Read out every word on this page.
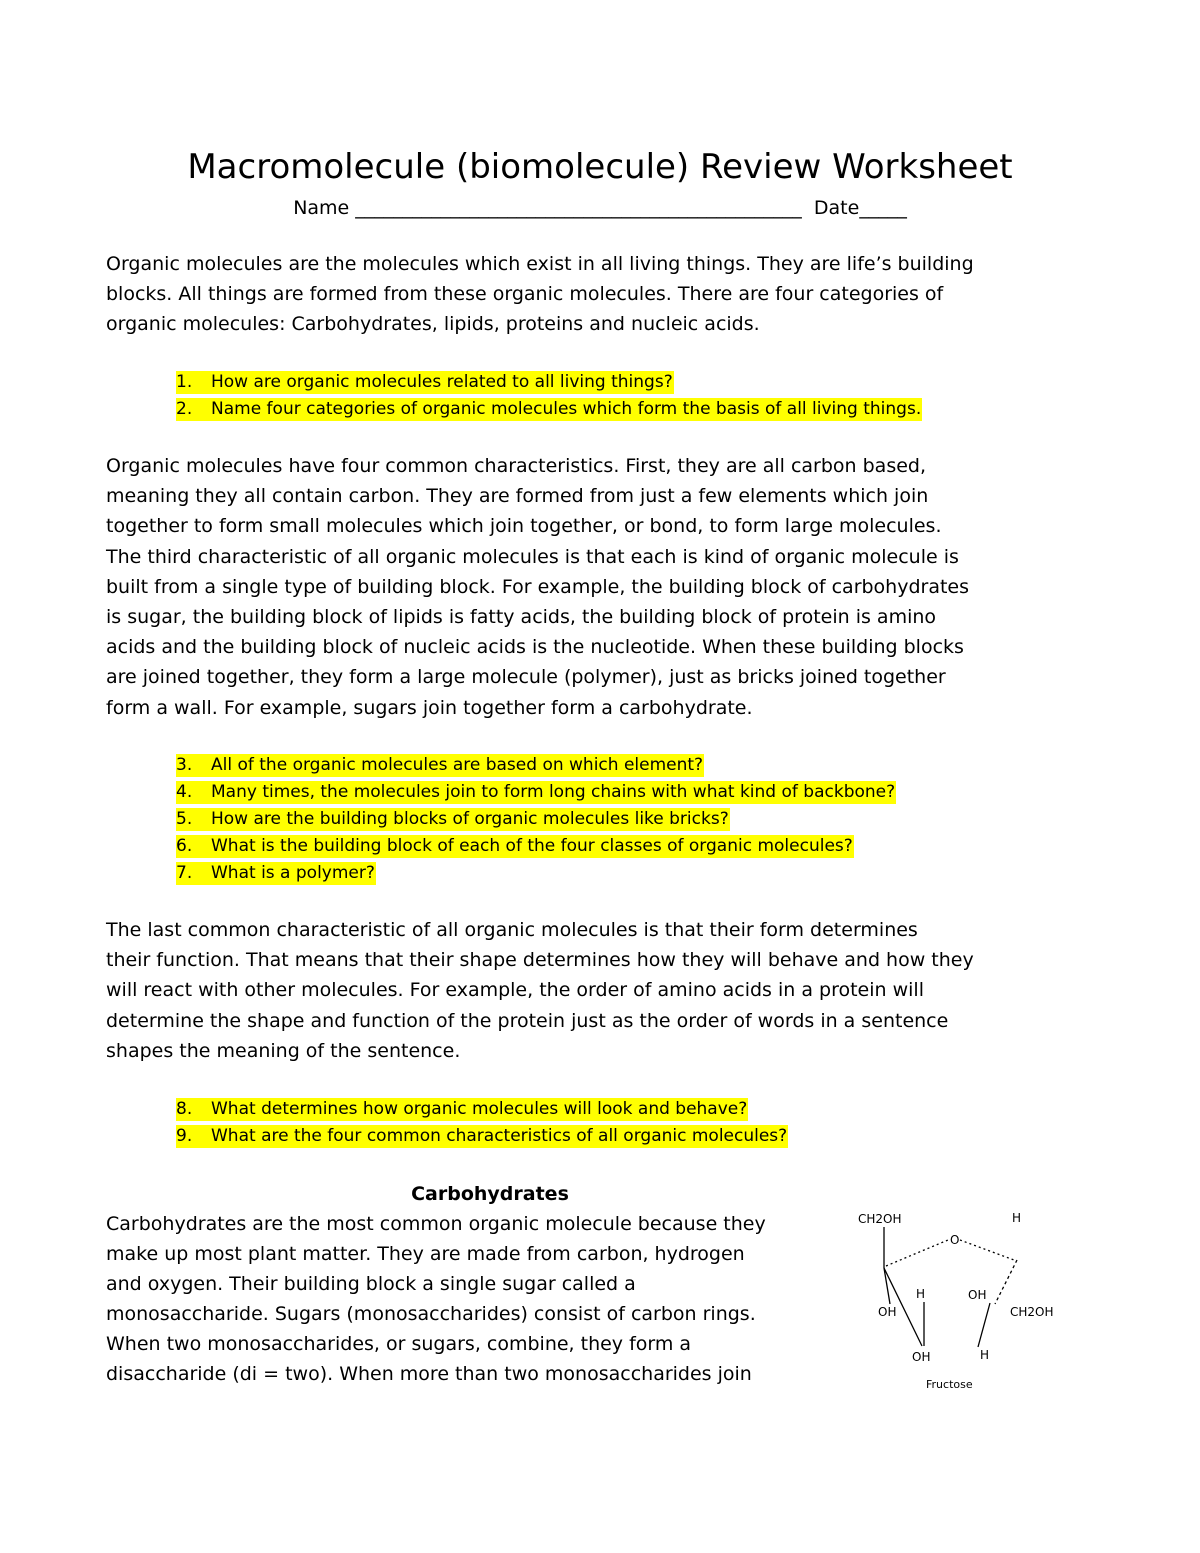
Macromolecule (biomolecule) Review Worksheet
Name _______________________________________________ Date_____
Organic molecules are the molecules which exist in all living things. They are life’s building
blocks. All things are formed from these organic molecules. There are four categories of
organic molecules: Carbohydrates, lipids, proteins and nucleic acids.
1. How are organic molecules related to all living things?
2. Name four categories of organic molecules which form the basis of all living things.
Organic molecules have four common characteristics. First, they are all carbon based,
meaning they all contain carbon. They are formed from just a few elements which join
together to form small molecules which join together, or bond, to form large molecules.
The third characteristic of all organic molecules is that each is kind of organic molecule is
built from a single type of building block. For example, the building block of carbohydrates
is sugar, the building block of lipids is fatty acids, the building block of protein is amino
acids and the building block of nucleic acids is the nucleotide. When these building blocks
are joined together, they form a large molecule (polymer), just as bricks joined together
form a wall. For example, sugars join together form a carbohydrate.
3. All of the organic molecules are based on which element?
4. Many times, the molecules join to form long chains with what kind of backbone?
5. How are the building blocks of organic molecules like bricks?
6. What is the building block of each of the four classes of organic molecules?
7. What is a polymer?
The last common characteristic of all organic molecules is that their form determines
their function. That means that their shape determines how they will behave and how they
will react with other molecules. For example, the order of amino acids in a protein will
determine the shape and function of the protein just as the order of words in a sentence
shapes the meaning of the sentence.
8. What determines how organic molecules will look and behave?
9. What are the four common characteristics of all organic molecules?
Carbohydrates
Carbohydrates are the most common organic molecule because they
make up most plant matter. They are made from carbon, hydrogen
and oxygen. Their building block a single sugar called a
monosaccharide. Sugars (monosaccharides) consist of carbon rings.
When two monosaccharides, or sugars, combine, they form a
disaccharide (di = two). When more than two monosaccharides join
CH2OH	H
O
H	OH
OH	CH2OH
OH	H
Fructose
